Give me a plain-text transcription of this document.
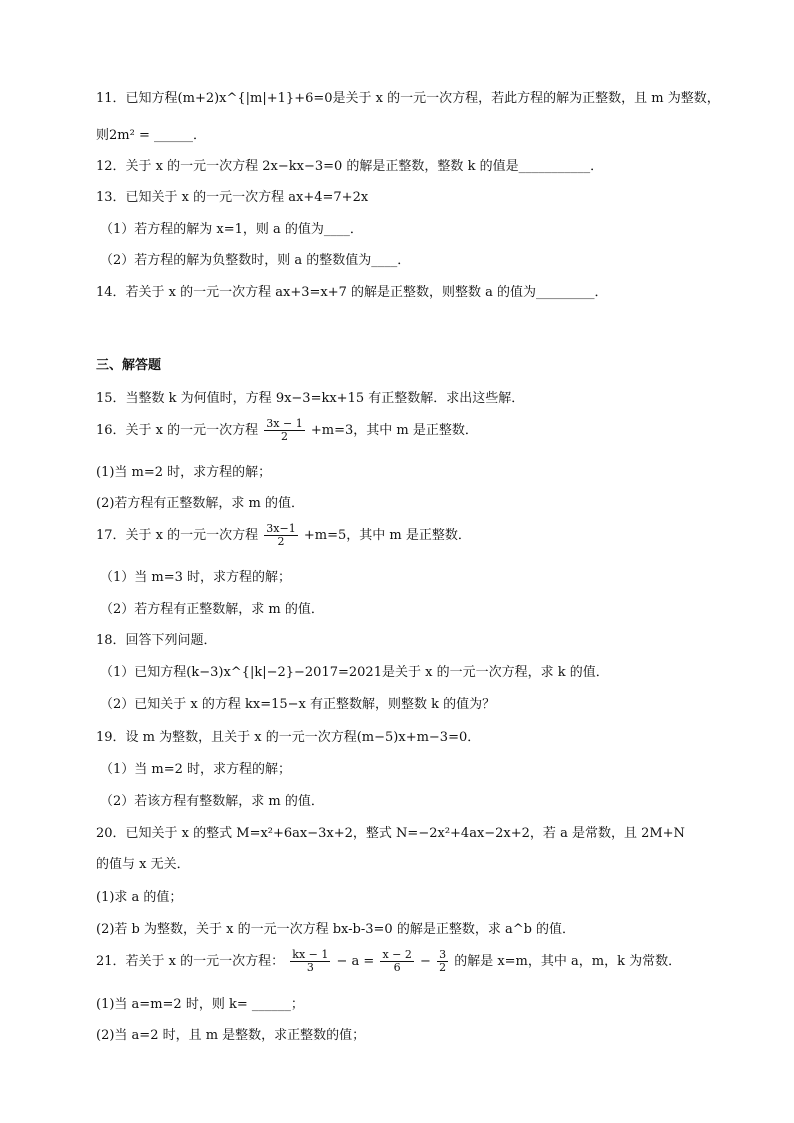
11．已知方程(m+2)x^{|m|+1}+6=0是关于 x 的一元一次方程，若此方程的解为正整数，且 m 为整数，
则2m² = ______．
12．关于 x 的一元一次方程 2x−kx−3=0 的解是正整数，整数 k 的值是___________．
13．已知关于 x 的一元一次方程 ax+4=7+2x
（1）若方程的解为 x=1，则 a 的值为____．
（2）若方程的解为负整数时，则 a 的整数值为____．
14．若关于 x 的一元一次方程 ax+3=x+7 的解是正整数，则整数 a 的值为_________．
三、解答题
15．当整数 k 为何值时，方程 9x−3=kx+15 有正整数解．求出这些解．
16．关于 x 的一元一次方程 $\frac{3x - 1}{2} +m=3$，其中 m 是正整数．
(1)当 m=2 时，求方程的解；
(2)若方程有正整数解，求 m 的值．
17．关于 x 的一元一次方程 $\frac{3x-1}{2} +m=5$，其中 m 是正整数．
（1）当 m=3 时，求方程的解；
（2）若方程有正整数解，求 m 的值．
18．回答下列问题．
（1）已知方程(k−3)x^{|k|−2}−2017=2021是关于 x 的一元一次方程，求 k 的值．
（2）已知关于 x 的方程 kx=15−x 有正整数解，则整数 k 的值为？
19．设 m 为整数，且关于 x 的一元一次方程(m−5)x+m−3=0．
（1）当 m=2 时，求方程的解；
（2）若该方程有整数解，求 m 的值．
20．已知关于 x 的整式 M=x²+6ax−3x+2，整式 N=−2x²+4ax−2x+2，若 a 是常数，且 2M+N
的值与 x 无关．
(1)求 a 的值；
(2)若 b 为整数，关于 x 的一元一次方程 bx-b-3=0 的解是正整数，求 a^b 的值．
21．若关于 x 的一元一次方程： $\frac{kx - 1}{3} - a = \frac{x - 2}{6} - \frac{3}{2}$ 的解是 x=m，其中 a，m，k 为常数．
(1)当 a=m=2 时，则 k= ______；
(2)当 a=2 时，且 m 是整数，求正整数的值；
